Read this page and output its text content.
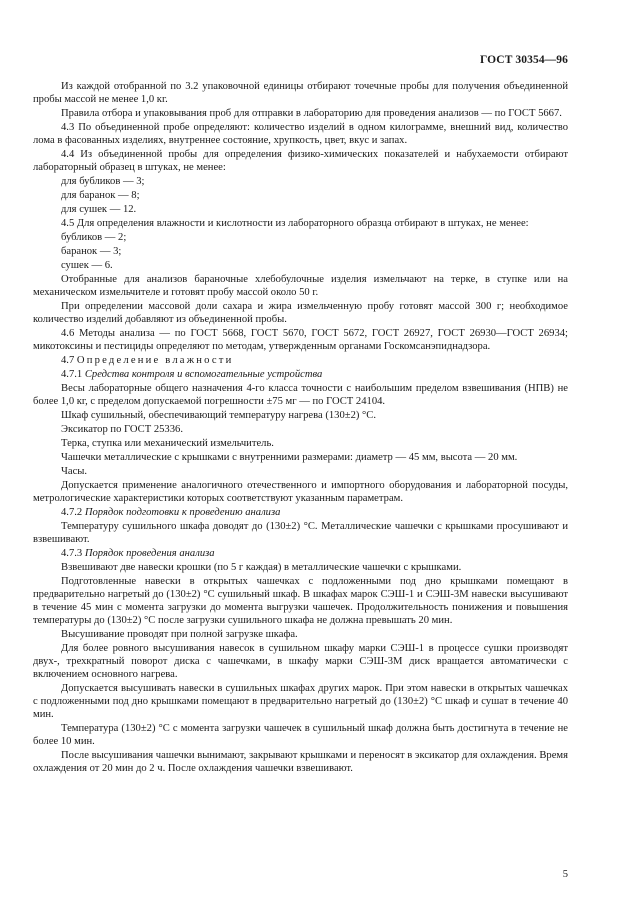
ГОСТ 30354—96

Из каждой отобранной по 3.2 упаковочной единицы отбирают точечные пробы для получения объединенной пробы массой не менее 1,0 кг.

Правила отбора и упаковывания проб для отправки в лабораторию для проведения анализов — по ГОСТ 5667.

4.3 По объединенной пробе определяют: количество изделий в одном килограмме, внешний вид, количество лома в фасованных изделиях, внутреннее состояние, хрупкость, цвет, вкус и запах.

4.4 Из объединенной пробы для определения физико-химических показателей и набухаемости отбирают лабораторный образец в штуках, не менее:

для бубликов — 3;
для баранок — 8;
для сушек — 12.

4.5 Для определения влажности и кислотности из лабораторного образца отбирают в штуках, не менее:

бубликов — 2;
баранок — 3;
сушек — 6.

Отобранные для анализов бараночные хлебобулочные изделия измельчают на терке, в ступке или на механическом измельчителе и готовят пробу массой около 50 г.

При определении массовой доли сахара и жира измельченную пробу готовят массой 300 г; необходимое количество изделий добавляют из объединенной пробы.

4.6 Методы анализа — по ГОСТ 5668, ГОСТ 5670, ГОСТ 5672, ГОСТ 26927, ГОСТ 26930—ГОСТ 26934; микотоксины и пестициды определяют по методам, утвержденным органами Госкомсанэпиднадзора.

4.7 Определение влажности
4.7.1 Средства контроля и вспомогательные устройства

Весы лабораторные общего назначения 4-го класса точности с наибольшим пределом взвешивания (НПВ) не более 1,0 кг, с пределом допускаемой погрешности ±75 мг — по ГОСТ 24104.

Шкаф сушильный, обеспечивающий температуру нагрева (130±2) °С.

Эксикатор по ГОСТ 25336.

Терка, ступка или механический измельчитель.

Чашечки металлические с крышками с внутренними размерами: диаметр — 45 мм, высота — 20 мм.

Часы.

Допускается применение аналогичного отечественного и импортного оборудования и лабораторной посуды, метрологические характеристики которых соответствуют указанным параметрам.

4.7.2 Порядок подготовки к проведению анализа

Температуру сушильного шкафа доводят до (130±2) °С. Металлические чашечки с крышками просушивают и взвешивают.

4.7.3 Порядок проведения анализа

Взвешивают две навески крошки (по 5 г каждая) в металлические чашечки с крышками.

Подготовленные навески в открытых чашечках с подложенными под дно крышками помещают в предварительно нагретый до (130±2) °С сушильный шкаф. В шкафах марок СЭШ-1 и СЭШ-3М навески высушивают в течение 45 мин с момента загрузки до момента выгрузки чашечек. Продолжительность понижения и повышения температуры до (130±2) °С после загрузки сушильного шкафа не должна превышать 20 мин.

Высушивание проводят при полной загрузке шкафа.

Для более ровного высушивания навесок в сушильном шкафу марки СЭШ-1 в процессе сушки производят двух-, трехкратный поворот диска с чашечками, в шкафу марки СЭШ-3М диск вращается автоматически с включением основного нагрева.

Допускается высушивать навески в сушильных шкафах других марок. При этом навески в открытых чашечках с подложенными под дно крышками помещают в предварительно нагретый до (130±2) °С шкаф и сушат в течение 40 мин.

Температура (130±2) °С с момента загрузки чашечек в сушильный шкаф должна быть достигнута в течение не более 10 мин.

После высушивания чашечки вынимают, закрывают крышками и переносят в эксикатор для охлаждения. Время охлаждения от 20 мин до 2 ч. После охлаждения чашечки взвешивают.

5
